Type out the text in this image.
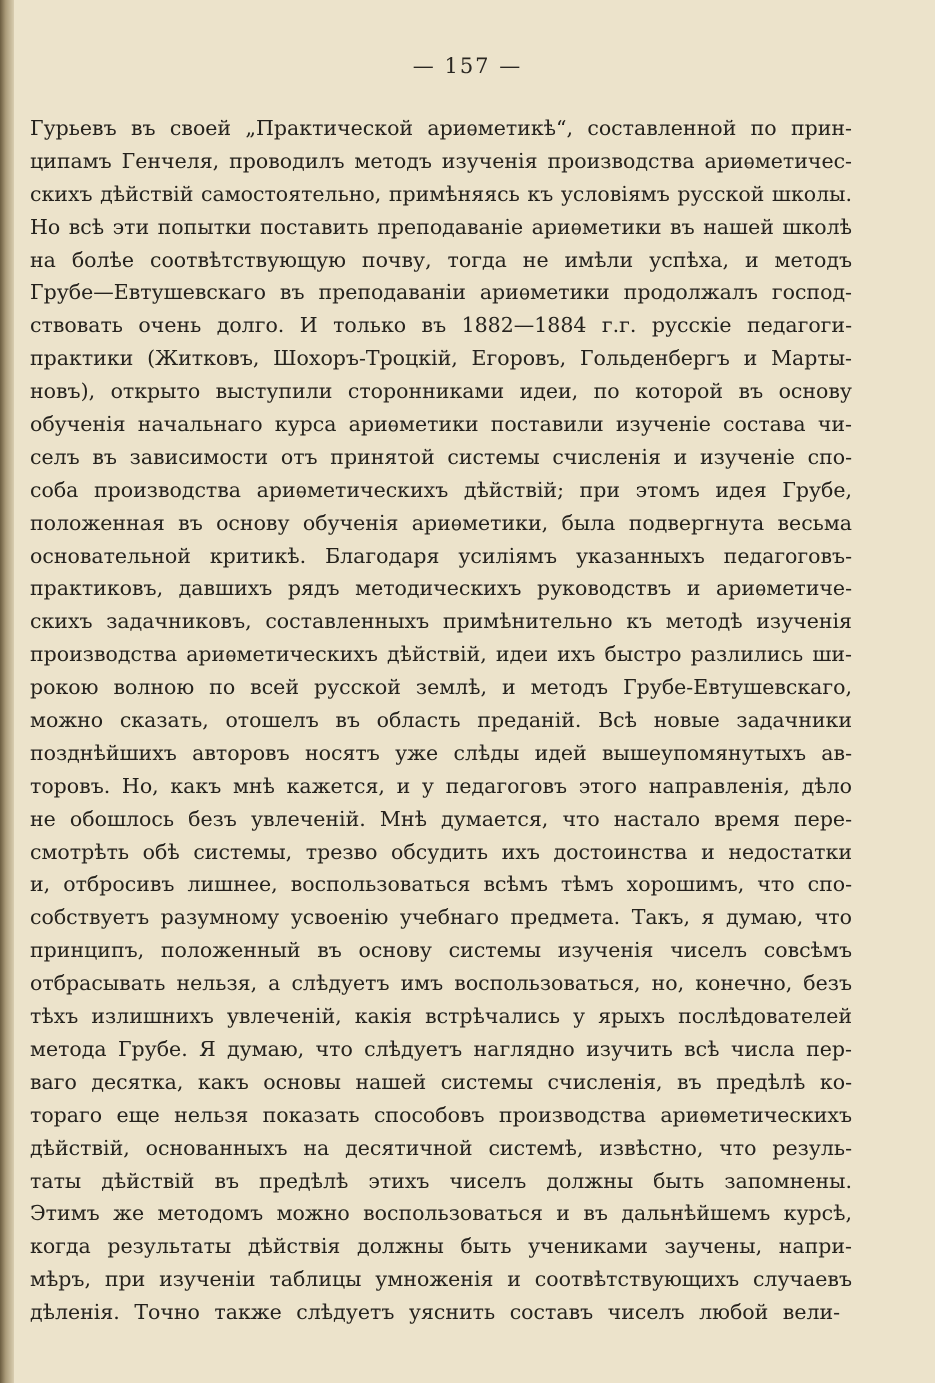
— 157 —
Гурьевъ въ своей „Практической ариѳметикѣ“, составленной по прин-
ципамъ Генчеля, проводилъ методъ изученія производства ариѳметичес-
скихъ дѣйствій самостоятельно, примѣняясь къ условіямъ русской школы.
Но всѣ эти попытки поставить преподаваніе ариѳметики въ нашей школѣ
на болѣе соотвѣтствующую почву, тогда не имѣли успѣха, и методъ
Грубе—Евтушевскаго въ преподаваніи ариѳметики продолжалъ господ-
ствовать очень долго. И только въ 1882—1884 г.г. русскіе педагоги-
практики (Житковъ, Шохоръ-Троцкій, Егоровъ, Гольденбергъ и Марты-
новъ), открыто выступили сторонниками идеи, по которой въ основу
обученія начальнаго курса ариѳметики поставили изученіе состава чи-
селъ въ зависимости отъ принятой системы счисленія и изученіе спо-
соба производства ариѳметическихъ дѣйствій; при этомъ идея Грубе,
положенная въ основу обученія ариѳметики, была подвергнута весьма
основательной критикѣ. Благодаря усиліямъ указанныхъ педагоговъ-
практиковъ, давшихъ рядъ методическихъ руководствъ и ариѳметиче-
скихъ задачниковъ, составленныхъ примѣнительно къ методѣ изученія
производства ариѳметическихъ дѣйствій, идеи ихъ быстро разлились ши-
рокою волною по всей русской землѣ, и методъ Грубе-Евтушевскаго,
можно сказать, отошелъ въ область преданій. Всѣ новые задачники
позднѣйшихъ авторовъ носятъ уже слѣды идей вышеупомянутыхъ ав-
торовъ. Но, какъ мнѣ кажется, и у педагоговъ этого направленія, дѣло
не обошлось безъ увлеченій. Мнѣ думается, что настало время пере-
смотрѣть обѣ системы, трезво обсудить ихъ достоинства и недостатки
и, отбросивъ лишнее, воспользоваться всѣмъ тѣмъ хорошимъ, что спо-
собствуетъ разумному усвоенію учебнаго предмета. Такъ, я думаю, что
принципъ, положенный въ основу системы изученія чиселъ совсѣмъ
отбрасывать нельзя, а слѣдуетъ имъ воспользоваться, но, конечно, безъ
тѣхъ излишнихъ увлеченій, какія встрѣчались у ярыхъ послѣдователей
метода Грубе. Я думаю, что слѣдуетъ наглядно изучить всѣ числа пер-
ваго десятка, какъ основы нашей системы счисленія, въ предѣлѣ ко-
тораго еще нельзя показать способовъ производства ариѳметическихъ
дѣйствій, основанныхъ на десятичной системѣ, извѣстно, что резуль-
таты дѣйствій въ предѣлѣ этихъ чиселъ должны быть запомнены.
Этимъ же методомъ можно воспользоваться и въ дальнѣйшемъ курсѣ,
когда результаты дѣйствія должны быть учениками заучены, напри-
мѣръ, при изученіи таблицы умноженія и соотвѣтствующихъ случаевъ
дѣленія. Точно также слѣдуетъ уяснить составъ чиселъ любой вели-
